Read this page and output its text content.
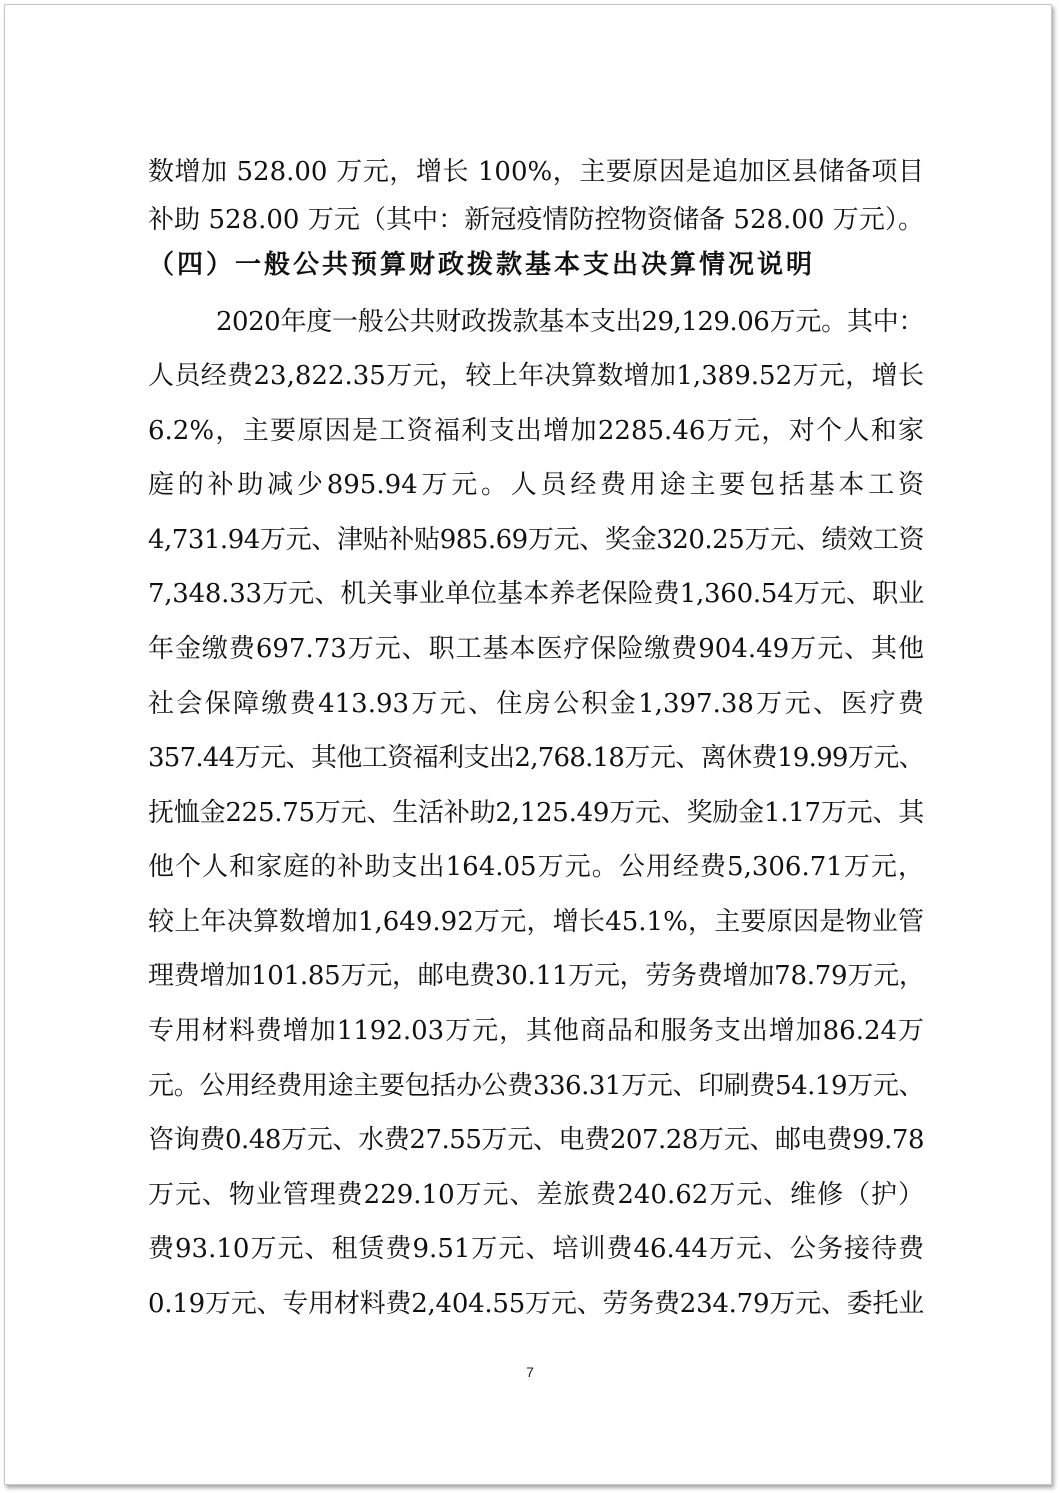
数增加 528.00 万元，增长 100%，主要原因是追加区县储备项目
补助 528.00 万元（其中：新冠疫情防控物资储备 528.00 万元）。
（四）一般公共预算财政拨款基本支出决算情况说明
2020年度一般公共财政拨款基本支出29,129.06万元。其中：
人员经费23,822.35万元，较上年决算数增加1,389.52万元，增长
6.2%，主要原因是工资福利支出增加2285.46万元，对个人和家
庭的补助减少895.94万元。人员经费用途主要包括基本工资
4,731.94万元、津贴补贴985.69万元、奖金320.25万元、绩效工资
7,348.33万元、机关事业单位基本养老保险费1,360.54万元、职业
年金缴费697.73万元、职工基本医疗保险缴费904.49万元、其他
社会保障缴费413.93万元、住房公积金1,397.38万元、医疗费
357.44万元、其他工资福利支出2,768.18万元、离休费19.99万元、
抚恤金225.75万元、生活补助2,125.49万元、奖励金1.17万元、其
他个人和家庭的补助支出164.05万元。公用经费5,306.71万元，
较上年决算数增加1,649.92万元，增长45.1%，主要原因是物业管
理费增加101.85万元，邮电费30.11万元，劳务费增加78.79万元，
专用材料费增加1192.03万元，其他商品和服务支出增加86.24万
元。公用经费用途主要包括办公费336.31万元、印刷费54.19万元、
咨询费0.48万元、水费27.55万元、电费207.28万元、邮电费99.78
万元、物业管理费229.10万元、差旅费240.62万元、维修（护）
费93.10万元、租赁费9.51万元、培训费46.44万元、公务接待费
0.19万元、专用材料费2,404.55万元、劳务费234.79万元、委托业
7
